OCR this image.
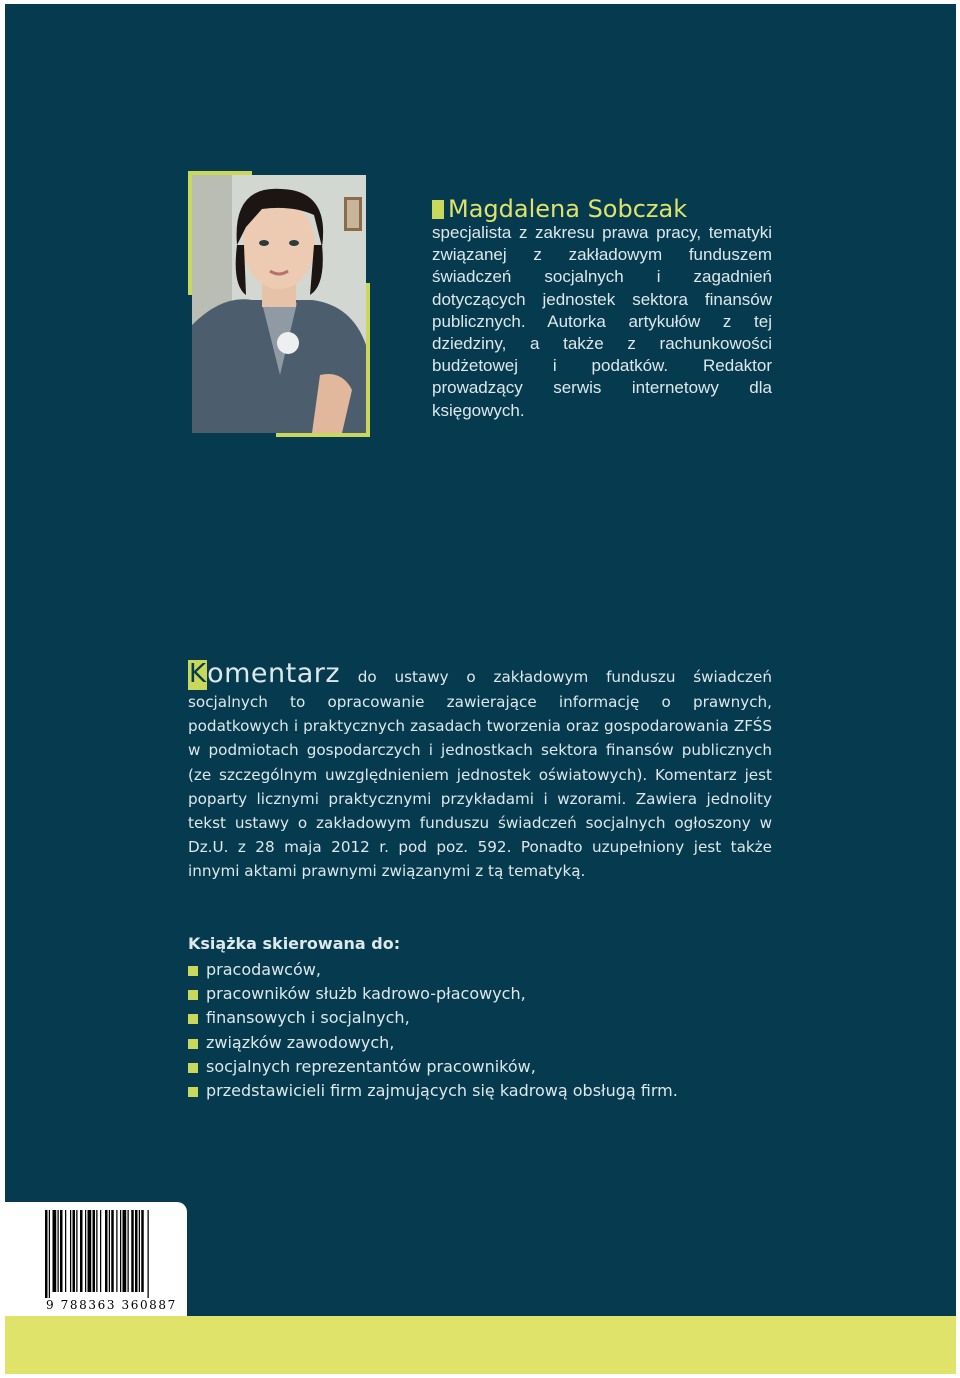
Magdalena Sobczak

specjalista z zakresu prawa pracy, tematyki związanej z zakładowym funduszem świadczeń socjalnych i zagadnień dotyczących jednostek sektora finansów publicznych. Autorka artykułów z tej dziedziny, a także z rachunkowości budżetowej i podatków. Redaktor prowadzący serwis internetowy dla księgowych.

Komentarz do ustawy o zakładowym funduszu świadczeń socjalnych to opracowanie zawierające informację o prawnych, podatkowych i praktycznych zasadach tworzenia oraz gospodarowania ZFŚS w podmiotach gospodarczych i jednostkach sektora finansów publicznych (ze szczególnym uwzględnieniem jednostek oświatowych). Komentarz jest poparty licznymi praktycznymi przykładami i wzorami. Zawiera jednolity tekst ustawy o zakładowym funduszu świadczeń socjalnych ogłoszony w Dz.U. z 28 maja 2012 r. pod poz. 592. Ponadto uzupełniony jest także innymi aktami prawnymi związanymi z tą tematyką.

Książka skierowana do:
pracodawców,
pracowników służb kadrowo-płacowych,
finansowych i socjalnych,
związków zawodowych,
socjalnych reprezentantów pracowników,
przedstawicieli firm zajmujących się kadrową obsługą firm.
9 788363 360887
